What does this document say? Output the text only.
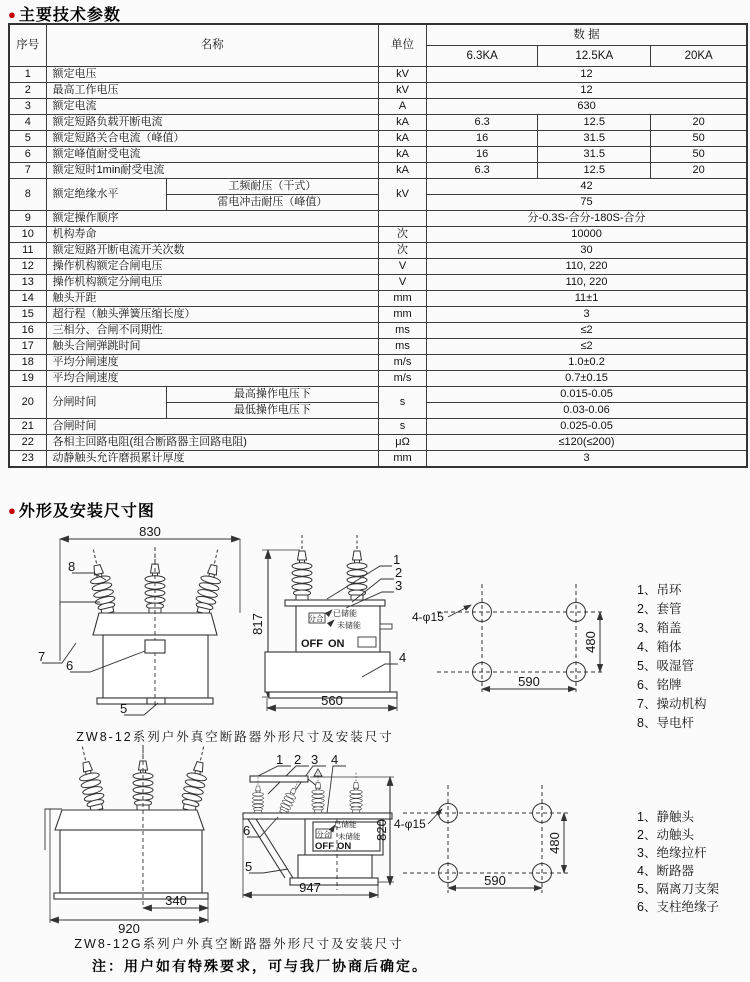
● 主要技术参数
序号	名称		单位	数 据		
				6.3KA	12.5KA	20KA
1	额定电压		kV	12		
2	最高工作电压		kV	12		
3	额定电流		A	630		
4	额定短路负载开断电流		kA	6.3	12.5	20
5	额定短路关合电流（峰值）		kA	16	31.5	50
6	额定峰值耐受电流		kA	16	31.5	50
7	额定短时1min耐受电流		kA	6.3	12.5	20
8	额定绝缘水平	工频耐压（干式）	kV	42		
		雷电冲击耐压（峰值）		75		
9	额定操作顺序			分-0.3S-合分-180S-合分		
10	机构寿命		次	10000		
11	额定短路开断电流开关次数		次	30		
12	操作机构额定合闸电压		V	110, 220		
13	操作机构额定分闸电压		V	110, 220		
14	触头开距		mm	11±1		
15	超行程（触头弹簧压缩长度）		mm	3		
16	三相分、合闸不同期性		ms	≤2		
17	触头合闸弹跳时间		ms	≤2		
18	平均分闸速度		m/s	1.0±0.2		
19	平均合闸速度		m/s	0.7±0.15		
20	分闸时间	最高操作电压下	s	0.015-0.05		
		最低操作电压下		0.03-0.06		
21	合闸时间		s	0.025-0.05		
22	各相主回路电阻(组合断路器主回路电阻)		μΩ	≤120(≤200)		
23	动静触头允许磨损累计厚度		mm	3		
● 外形及安装尺寸图
830
8
7
6
5
817	分合
已储能
未储能
OFF ON
1
2
3
4
560
4-φ15
480
590
1、吊环
2、套管
3、箱盖
4、箱体
5、吸湿管
6、铭牌
7、操动机构
8、导电杆
ZW8-12系列户外真空断路器外形尺寸及安装尺寸
340
920
1 2 3 4
6
5
分合
已储能
未储能
OFF ON
820
947
4-φ15
480
590
1、静触头
2、动触头
3、绝缘拉杆
4、断路器
5、隔离刀支架
6、支柱绝缘子
ZW8-12G系列户外真空断路器外形尺寸及安装尺寸
注：用户如有特殊要求，可与我厂协商后确定。
